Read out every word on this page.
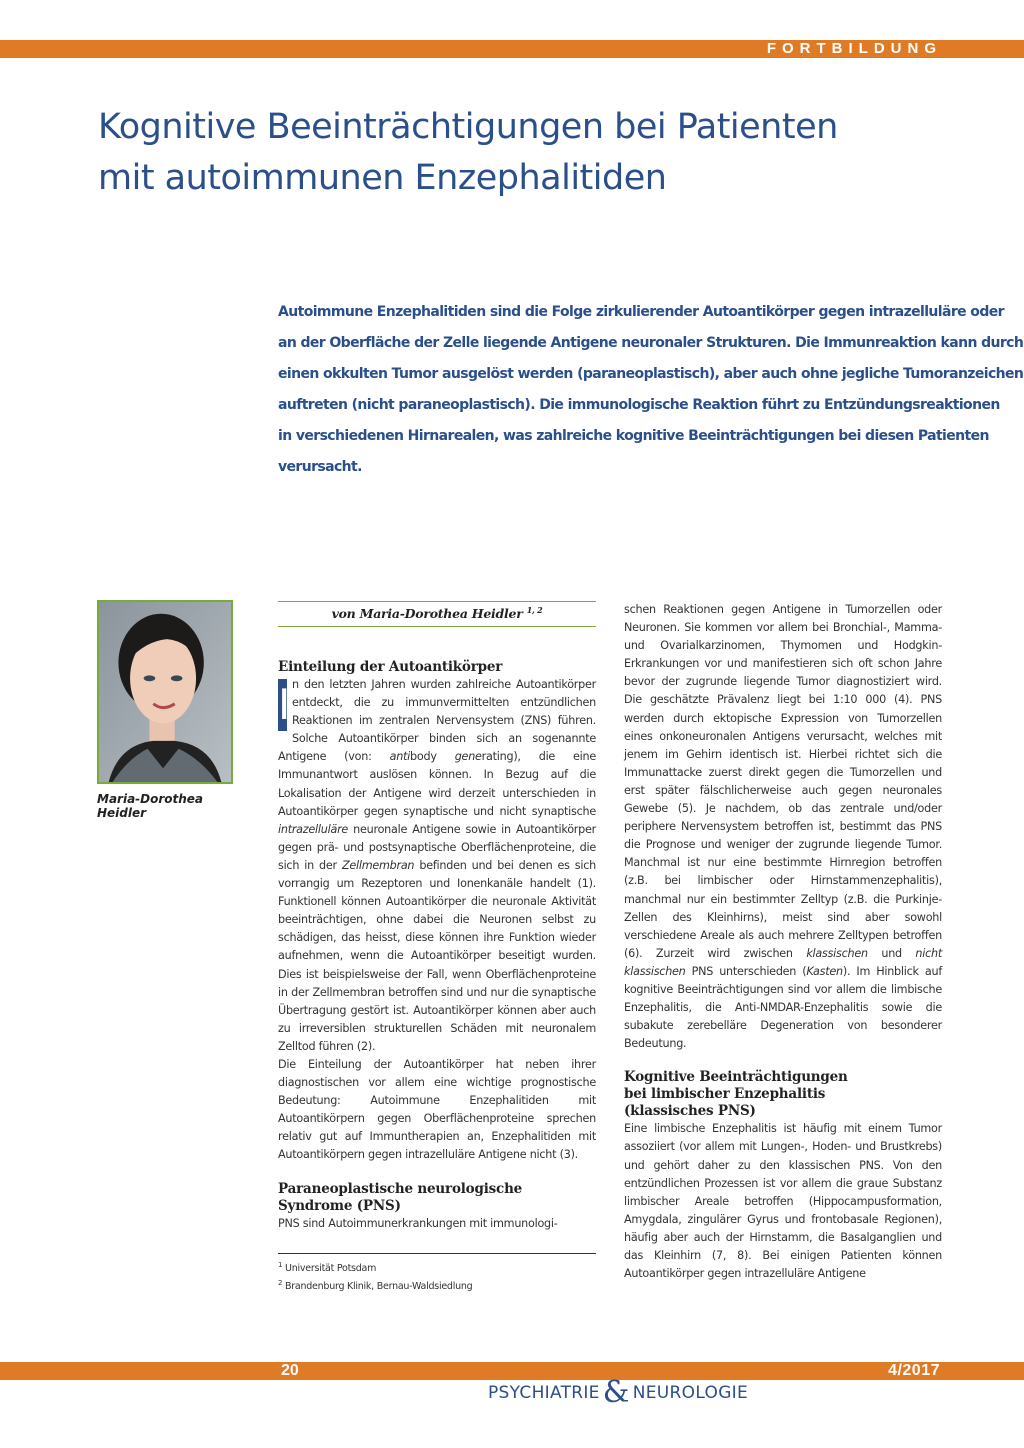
FORTBILDUNG
Kognitive Beeinträchtigungen bei Patienten
mit autoimmunen Enzephalitiden
Autoimmune Enzephalitiden sind die Folge zirkulierender Autoantikörper gegen intrazelluläre oder
an der Oberfläche der Zelle liegende Antigene neuronaler Strukturen. Die Immunreaktion kann durch
einen okkulten Tumor ausgelöst werden (paraneoplastisch), aber auch ohne jegliche Tumoranzeichen
auftreten (nicht paraneoplastisch). Die immunologische Reaktion führt zu Entzündungsreaktionen
in verschiedenen Hirnarealen, was zahlreiche kognitive Beeinträchtigungen bei diesen Patienten
verursacht.
Maria-Dorothea Heidler
von Maria-Dorothea Heidler $^{1, 2}$
Einteilung der Autoantikörper

I n den letzten Jahren wurden zahlreiche Autoantikörper entdeckt, die zu immunvermittelten entzündlichen Reaktionen im zentralen Nervensystem (ZNS) führen. Solche Autoantikörper binden sich an sogenannte Antigene (von: antibody generating), die eine Immunantwort auslösen können. In Bezug auf die Lokalisation der Antigene wird derzeit unterschieden in Autoantikörper gegen synaptische und nicht synaptische intrazelluläre neuronale Antigene sowie in Autoantikörper gegen prä- und postsynaptische Oberflächenproteine, die sich in der Zellmembran befinden und bei denen es sich vorrangig um Rezeptoren und Ionenkanäle handelt (1). Funktionell können Autoantikörper die neuronale Aktivität beeinträchtigen, ohne dabei die Neuronen selbst zu schädigen, das heisst, diese können ihre Funktion wieder aufnehmen, wenn die Autoantikörper beseitigt wurden. Dies ist beispielsweise der Fall, wenn Oberflächenproteine in der Zellmembran betroffen sind und nur die synaptische Übertragung gestört ist. Autoantikörper können aber auch zu irreversiblen strukturellen Schäden mit neuronalem Zelltod führen (2).

Die Einteilung der Autoantikörper hat neben ihrer diagnostischen vor allem eine wichtige prognostische Bedeutung: Autoimmune Enzephalitiden mit Autoantikörpern gegen Oberflächenproteine sprechen relativ gut auf Immuntherapien an, Enzephalitiden mit Autoantikörpern gegen intrazelluläre Antigene nicht (3).

Paraneoplastische neurologische
Syndrome (PNS)

PNS sind Autoimmunerkrankungen mit immunologi-

$^1$ Universität Potsdam
$^2$ Brandenburg Klinik, Bernau-Waldsiedlung

schen Reaktionen gegen Antigene in Tumorzellen oder Neuronen. Sie kommen vor allem bei Bronchial-, Mamma- und Ovarialkarzinomen, Thymomen und Hodgkin-Erkrankungen vor und manifestieren sich oft schon Jahre bevor der zugrunde liegende Tumor diagnostiziert wird. Die geschätzte Prävalenz liegt bei 1:10 000 (4). PNS werden durch ektopische Expression von Tumorzellen eines onkoneuronalen Antigens verursacht, welches mit jenem im Gehirn identisch ist. Hierbei richtet sich die Immunattacke zuerst direkt gegen die Tumorzellen und erst später fälschlicherweise auch gegen neuronales Gewebe (5). Je nachdem, ob das zentrale und/oder periphere Nervensystem betroffen ist, bestimmt das PNS die Prognose und weniger der zugrunde liegende Tumor. Manchmal ist nur eine bestimmte Hirnregion betroffen (z.B. bei limbischer oder Hirnstammenzephalitis), manchmal nur ein bestimmter Zelltyp (z.B. die Purkinje-Zellen des Kleinhirns), meist sind aber sowohl verschiedene Areale als auch mehrere Zelltypen betroffen (6). Zurzeit wird zwischen klassischen und nicht klassischen PNS unterschieden (Kasten). Im Hinblick auf kognitive Beeinträchtigungen sind vor allem die limbische Enzephalitis, die Anti-NMDAR-Enzephalitis sowie die subakute zerebelläre Degeneration von besonderer Bedeutung.

Kognitive Beeinträchtigungen
bei limbischer Enzephalitis
(klassisches PNS)

Eine limbische Enzephalitis ist häufig mit einem Tumor assoziiert (vor allem mit Lungen-, Hoden- und Brustkrebs) und gehört daher zu den klassischen PNS. Von den entzündlichen Prozessen ist vor allem die graue Substanz limbischer Areale betroffen (Hippocampusformation, Amygdala, zingulärer Gyrus und frontobasale Regionen), häufig aber auch der Hirnstamm, die Basalganglien und das Kleinhirn (7, 8). Bei einigen Patienten können Autoantikörper gegen intrazelluläre Antigene

20	4/2017
PSYCHIATRIE & NEUROLOGIE
